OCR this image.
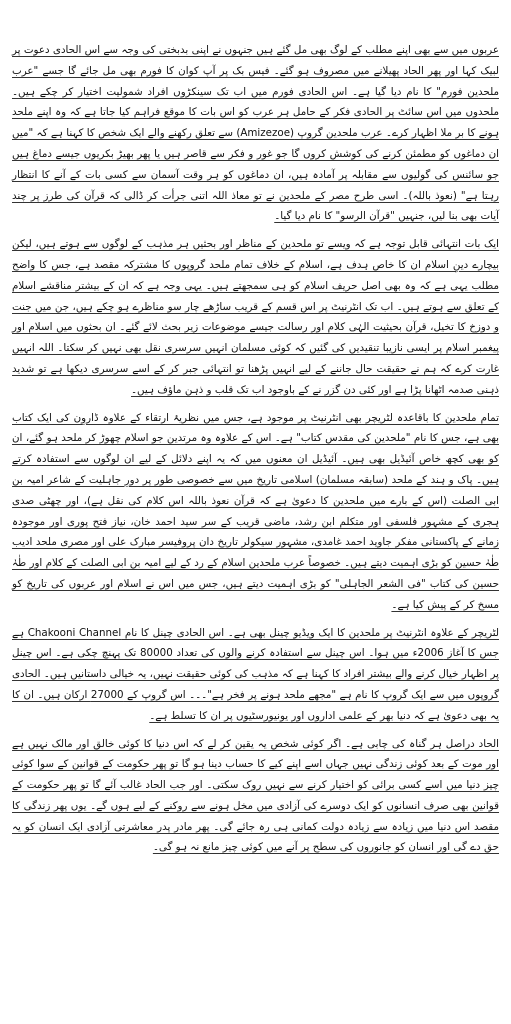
عربوں میں سے بھی اپنے مطلب کے لوگ بھی مل گئے ہیں جنہوں نے اپنی بدبختی کی وجہ سے اس الحادی دعوت پر لبیک کہا اور پھر الحاد پھیلانے میں مصروف ہو گئے۔ فیس بک پر آپ کوان کا فورم بھی مل جائے گا جسے "عرب ملحدین فورم" کا نام دیا گیا ہے۔ اس الحادی فورم میں اب تک سینکڑوں افراد شمولیت اختیار کر چکے ہیں۔ ملحدوں میں اس سائٹ پر الحادی فکر کے حامل ہر عرب کو اس بات کا موقع فراہم کیا جاتا ہے کہ وہ اپنے ملحد ہونے کا بر ملا اظہار کرے۔ عرب ملحدین گروپ (Amizezoe) سے تعلق رکھنے والے ایک شخص کا کہنا ہے کہ "میں ان دماغوں کو مطمئن کرنے کی کوشش کروں گا جو غور و فکر سے قاصر ہیں یا پھر بھیڑ بکریوں جیسے دماغ ہیں جو سائنس کی گولیوں سے مقابلہ پر آمادہ ہیں، ان دماغوں کو ہر وقت آسمان سے کسی بات کے آنے کا انتظار رہتا ہے" (نعوذ باللہ)۔ اسی طرح مصر کے ملحدین نے تو معاذ اللہ اتنی جرأت کر ڈالی کہ قرآن کی طرز پر چند آیات بھی بنا لیں، جنہیں "قرآن الرسو" کا نام دیا گیا۔

ایک بات انتہائی قابل توجہ ہے کہ ویسے تو ملحدین کے مناظر اور بحثیں ہر مذہب کے لوگوں سے ہوتے ہیں، لیکن بیچارے دینِ اسلام ان کا خاص ہدف ہے، اسلام کے خلاف تمام ملحد گروپوں کا مشترکہ مقصد ہے، جس کا واضح مطلب یہی ہے کہ وہ بھی اصل حریف اسلام کو ہی سمجھتے ہیں۔ یہی وجہ ہے کہ ان کے بیشتر مناقشے اسلام کے تعلق سے ہوتے ہیں۔ اب تک انٹرنیٹ پر اس قسم کے قریب ساڑھے چار سو مناظرے ہو چکے ہیں، جن میں جنت و دوزخ کا تخیل، قرآن بحیثیت الہٰی کلام اور رسالت جیسے موضوعات زیر بحث لائے گئے۔ ان بحثوں میں اسلام اور پیغمبر اسلام پر ایسی نازیبا تنقیدیں کی گئیں کہ کوئی مسلمان انہیں سرسری نقل بھی نہیں کر سکتا۔ اللہ انہیں غارت کرے کہ ہم نے حقیقت حال جاننے کے لیے انہیں پڑھنا تو انتہائی جبر کر کے اسے سرسری دیکھا ہے تو شدید ذہنی صدمہ اٹھانا پڑا ہے اور کئی دن گزر نے کے باوجود اب تک قلب و ذہن ماؤف ہیں۔

تمام ملحدین کا باقاعدہ لٹریچر بھی انٹرنیٹ پر موجود ہے، جس میں نظریۂ ارتقاء کے علاوہ ڈاروِن کی ایک کتاب بھی ہے، جس کا نام "ملحدین کی مقدس کتاب" ہے۔ اس کے علاوہ وہ مرتدین جو اسلام چھوڑ کر ملحد ہو گئے، ان کو بھی کچھ خاص آئیڈیل بھی ہیں۔ آئیڈیل ان معنوں میں کہ یہ اپنے دلائل کے لیے ان لوگوں سے استفادہ کرتے ہیں۔ پاک و ہند کے ملحد (سابقہ مسلمان) اسلامی تاریخ میں سے خصوصی طور پر دورِ جاہلیت کے شاعر امیہ بن ابی الصلت (اس کے بارے میں ملحدین کا دعویٰ ہے کہ قرآن نعوذ باللہ اس کلام کی نقل ہے)، اور چھٹی صدی ہجری کے مشہور فلسفی اور متکلم ابن رشد، ماضی قریب کے سر سید احمد خان، نیاز فتح پوری اور موجودہ زمانے کے پاکستانی مفکر جاوید احمد غامدی، مشہور سیکولر تاریخ دان پروفیسر مبارک علی اور مصری ملحد ادیب طٰہٰ حسین کو بڑی اہمیت دیتے ہیں۔ خصوصاً عرب ملحدین اسلام کے رد کے لیے امیہ بن ابی الصلت کے کلام اور طٰہٰ حسین کی کتاب "فی الشعر الجاہلی" کو بڑی اہمیت دیتے ہیں، جس میں اس نے اسلام اور عربوں کی تاریخ کو مسخ کر کے پیش کیا ہے۔

لٹریچر کے علاوہ انٹرنیٹ پر ملحدین کا ایک ویڈیو چینل بھی ہے۔ اس الحادی چینل کا نام Chakooni Channel ہے جس کا آغاز 2006ء میں ہوا۔ اس چینل سے استفادہ کرنے والوں کی تعداد 80000 تک پہنچ چکی ہے۔ اس چینل پر اظہار خیال کرنے والے بیشتر افراد کا کہنا ہے کہ مذہب کی کوئی حقیقت نہیں، یہ خیالی داستانیں ہیں۔ الحادی گروپوں میں سے ایک گروپ کا نام ہے "مجھے ملحد ہونے پر فخر ہے"۔۔۔ اس گروپ کے 27000 ارکان ہیں۔ ان کا یہ بھی دعویٰ ہے کہ دنیا بھر کے علمی اداروں اور یونیورسٹیوں پر ان کا تسلط ہے۔

الحاد دراصل ہر گناہ کی چابی ہے۔ اگر کوئی شخص یہ یقین کر لے کہ اس دنیا کا کوئی خالق اور مالک نہیں ہے اور موت کے بعد کوئی زندگی نہیں جہاں اسے اپنے کیے کا حساب دینا ہو گا تو پھر حکومت کے قوانین کے سوا کوئی چیز دنیا میں اسے کسی برائی کو اختیار کرنے سے نہیں روک سکتی۔ اور جب الحاد غالب آئے گا تو پھر حکومت کے قوانین بھی صرف انسانوں کو ایک دوسرے کی آزادی میں مخل ہونے سے روکنے کے لیے ہوں گے۔ یوں پھر زندگی کا مقصد اس دنیا میں زیادہ سے زیادہ دولت کمانی ہی رہ جائے گی۔ پھر مادر پدر معاشرتی آزادی ایک انسان کو یہ حق دے گی اور انسان کو جانوروں کی سطح پر آنے میں کوئی چیز مانع نہ ہو گی۔
